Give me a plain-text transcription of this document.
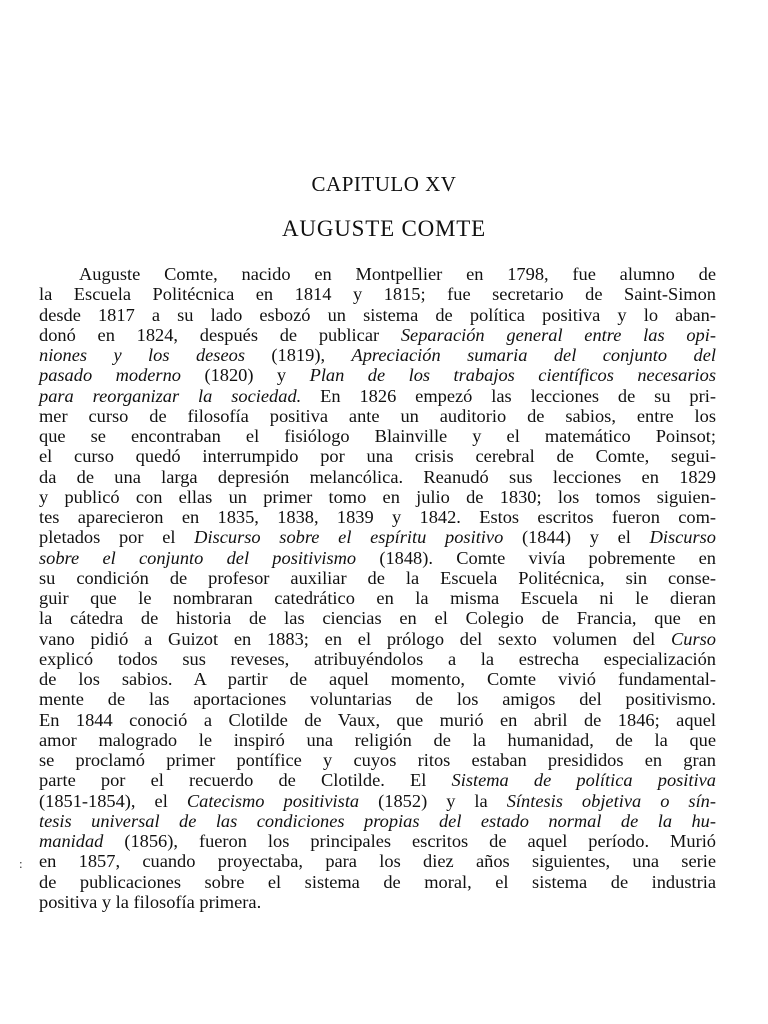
CAPITULO XV
AUGUSTE COMTE
:
Auguste Comte, nacido en Montpellier en 1798, fue alumno de
la Escuela Politécnica en 1814 y 1815; fue secretario de Saint-Simon
desde 1817 a su lado esbozó un sistema de política positiva y lo aban-
donó en 1824, después de publicar Separación general entre las opi-
niones y los deseos (1819), Apreciación sumaria del conjunto del
pasado moderno (1820) y Plan de los trabajos científicos necesarios
para reorganizar la sociedad. En 1826 empezó las lecciones de su pri-
mer curso de filosofía positiva ante un auditorio de sabios, entre los
que se encontraban el fisiólogo Blainville y el matemático Poinsot;
el curso quedó interrumpido por una crisis cerebral de Comte, segui-
da de una larga depresión melancólica. Reanudó sus lecciones en 1829
y publicó con ellas un primer tomo en julio de 1830; los tomos siguien-
tes aparecieron en 1835, 1838, 1839 y 1842. Estos escritos fueron com-
pletados por el Discurso sobre el espíritu positivo (1844) y el Discurso
sobre el conjunto del positivismo (1848). Comte vivía pobremente en
su condición de profesor auxiliar de la Escuela Politécnica, sin conse-
guir que le nombraran catedrático en la misma Escuela ni le dieran
la cátedra de historia de las ciencias en el Colegio de Francia, que en
vano pidió a Guizot en 1883; en el prólogo del sexto volumen del Curso
explicó todos sus reveses, atribuyéndolos a la estrecha especialización
de los sabios. A partir de aquel momento, Comte vivió fundamental-
mente de las aportaciones voluntarias de los amigos del positivismo.
En 1844 conoció a Clotilde de Vaux, que murió en abril de 1846; aquel
amor malogrado le inspiró una religión de la humanidad, de la que
se proclamó primer pontífice y cuyos ritos estaban presididos en gran
parte por el recuerdo de Clotilde. El Sistema de política positiva
(1851-1854), el Catecismo positivista (1852) y la Síntesis objetiva o sín-
tesis universal de las condiciones propias del estado normal de la hu-
manidad (1856), fueron los principales escritos de aquel período. Murió
en 1857, cuando proyectaba, para los diez años siguientes, una serie
de publicaciones sobre el sistema de moral, el sistema de industria
positiva y la filosofía primera.
